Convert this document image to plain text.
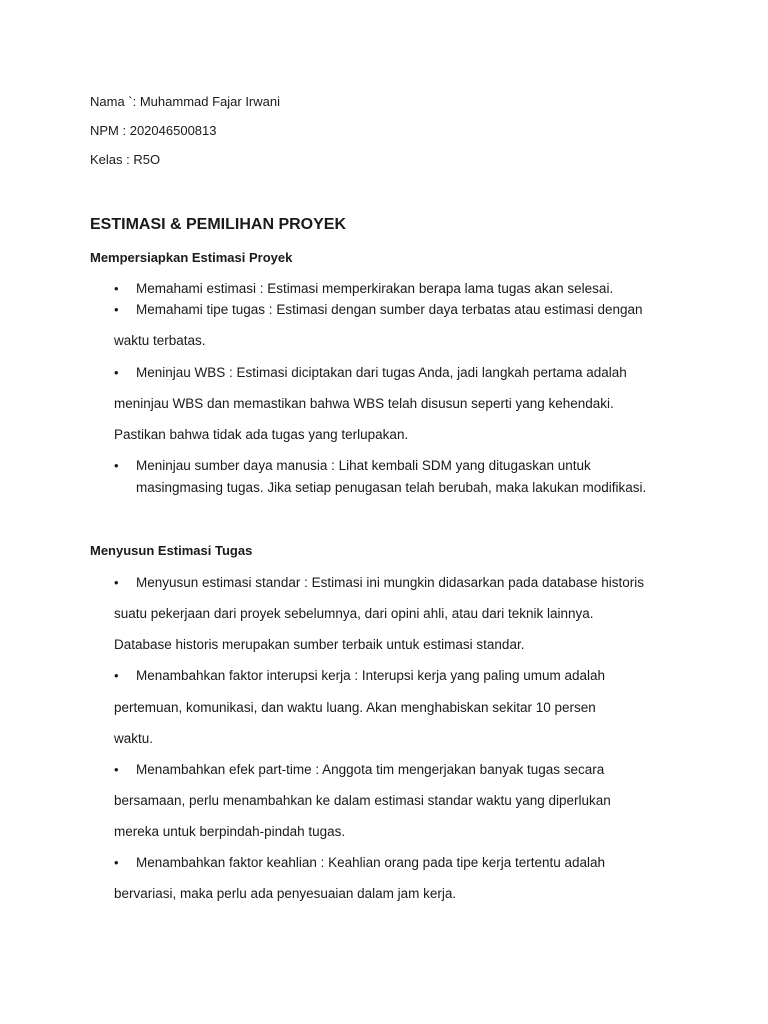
Nama `: Muhammad Fajar Irwani
NPM : 202046500813
Kelas : R5O
ESTIMASI & PEMILIHAN PROYEK
Mempersiapkan Estimasi Proyek
• Memahami estimasi : Estimasi memperkirakan berapa lama tugas akan selesai.
• Memahami tipe tugas : Estimasi dengan sumber daya terbatas atau estimasi dengan
waktu terbatas.
• Meninjau WBS : Estimasi diciptakan dari tugas Anda, jadi langkah pertama adalah
meninjau WBS dan memastikan bahwa WBS telah disusun seperti yang kehendaki.
Pastikan bahwa tidak ada tugas yang terlupakan.
• Meninjau sumber daya manusia : Lihat kembali SDM yang ditugaskan untuk
masingmasing tugas. Jika setiap penugasan telah berubah, maka lakukan modifikasi.
Menyusun Estimasi Tugas
• Menyusun estimasi standar : Estimasi ini mungkin didasarkan pada database historis
suatu pekerjaan dari proyek sebelumnya, dari opini ahli, atau dari teknik lainnya.
Database historis merupakan sumber terbaik untuk estimasi standar.
• Menambahkan faktor interupsi kerja : Interupsi kerja yang paling umum adalah
pertemuan, komunikasi, dan waktu luang. Akan menghabiskan sekitar 10 persen
waktu.
• Menambahkan efek part-time : Anggota tim mengerjakan banyak tugas secara
bersamaan, perlu menambahkan ke dalam estimasi standar waktu yang diperlukan
mereka untuk berpindah-pindah tugas.
• Menambahkan faktor keahlian : Keahlian orang pada tipe kerja tertentu adalah
bervariasi, maka perlu ada penyesuaian dalam jam kerja.
